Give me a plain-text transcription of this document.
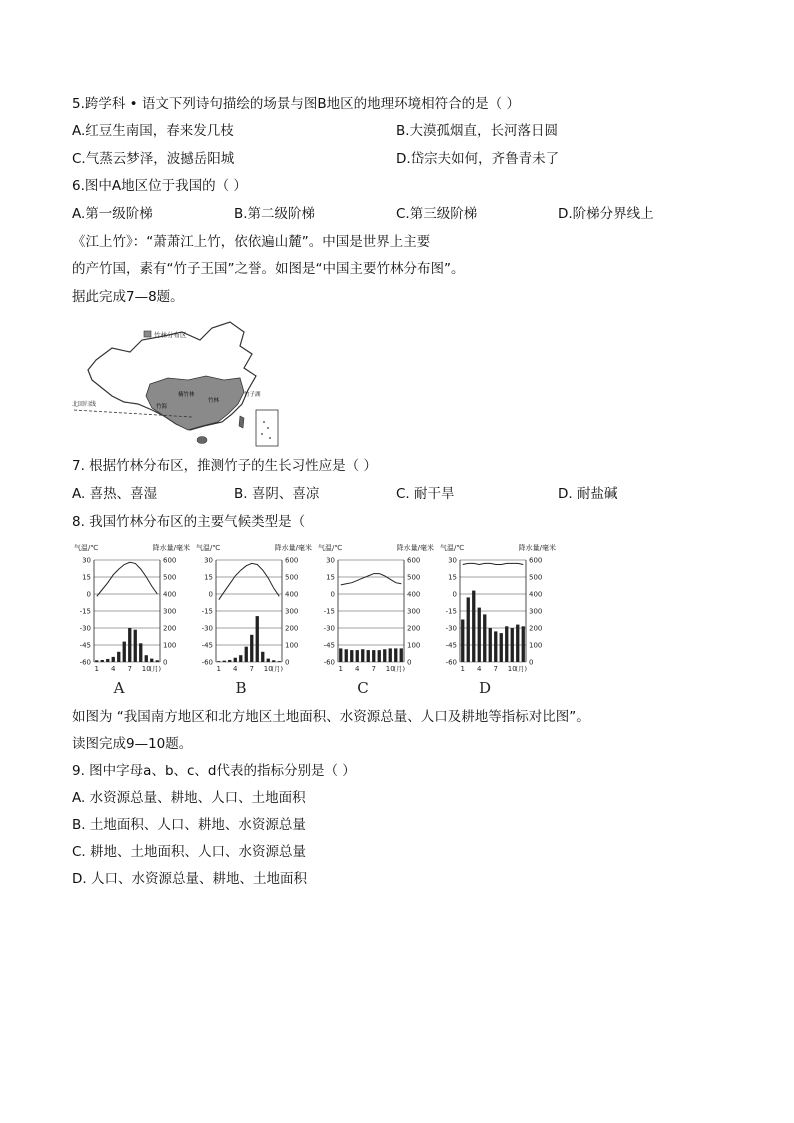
5.跨学科 • 语文下列诗句描绘的场景与图B地区的地理环境相符合的是（ ）
A.红豆生南国，春来发几枝	B.大漠孤烟直，长河落日圆
C.气蒸云梦泽，波撼岳阳城	D.岱宗夫如何，齐鲁青未了
6.图中A地区位于我国的（ ）
A.第一级阶梯	B.第二级阶梯	C.第三级阶梯	D.阶梯分界线上
《江上竹》：“萧萧江上竹，依依遍山麓”。中国是世界上主要
的产竹国，素有“竹子王国”之誉。如图是“中国主要竹林分布图”。
据此完成7—8题。
竹林分布区
北回归线
楠竹林
竹海
竹林
竹子湖
7. 根据竹林分布区，推测竹子的生长习性应是（ ）
A. 喜热、喜湿	B. 喜阴、喜凉	C. 耐干旱	D. 耐盐碱
8. 我国竹林分布区的主要气候类型是（
气温/℃	降水量/毫米
30	600
15	500
0	400
-15	300
-30	200
-45	100
-60	0
1 4 7 10
(月)
A
气温/℃	降水量/毫米
30	600
15	500
0	400
-15	300
-30	200
-45	100
-60	0
1 4 7 10
(月)
B
气温/℃	降水量/毫米
30	600
15	500
0	400
-15	300
-30	200
-45	100
-60	0
1 4 7 10
(月)
C
气温/℃	降水量/毫米
30	600
15	500
0	400
-15	300
-30	200
-45	100
-60	0
1 4 7 10
(月)
D
如图为 “我国南方地区和北方地区土地面积、水资源总量、人口及耕地等指标对比图”。
读图完成9—10题。
9. 图中字母a、b、c、d代表的指标分别是（ ）
A. 水资源总量、耕地、人口、土地面积
B. 土地面积、人口、耕地、水资源总量
C. 耕地、土地面积、人口、水资源总量
D. 人口、水资源总量、耕地、土地面积
